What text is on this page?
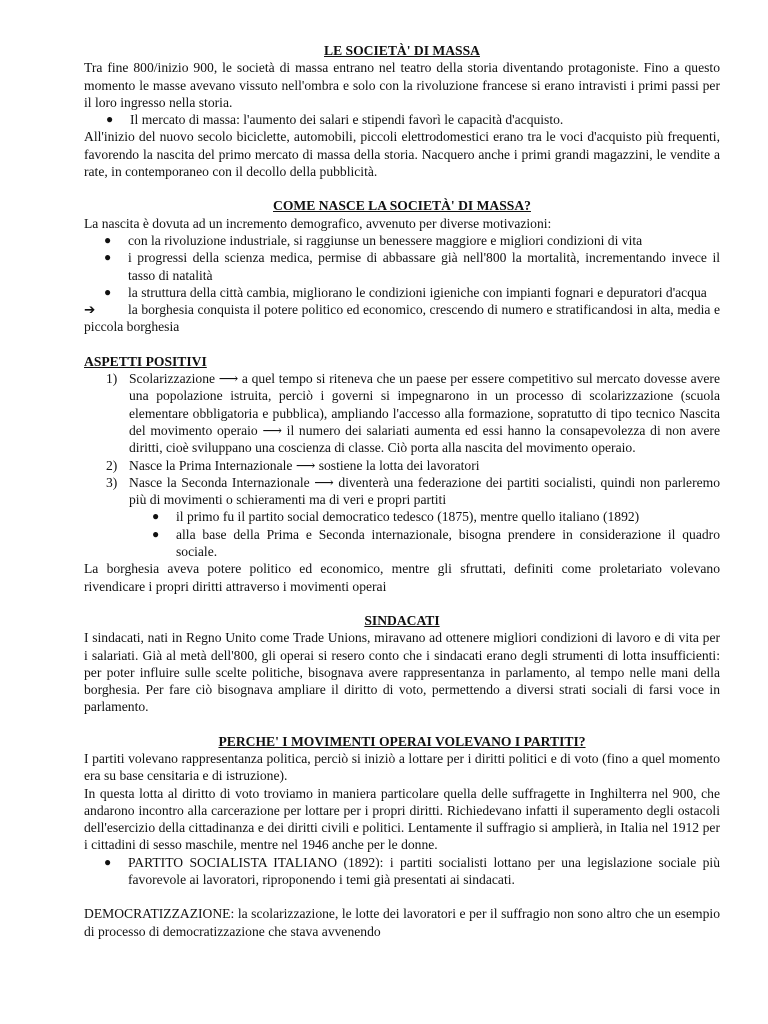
LE SOCIETÀ' DI MASSA

Tra fine 800/inizio 900, le società di massa entrano nel teatro della storia diventando protagoniste. Fino a questo momento le masse avevano vissuto nell'ombra e solo con la rivoluzione francese si erano intravisti i primi passi per il loro ingresso nella storia.

● Il mercato di massa: l'aumento dei salari e stipendi favorì le capacità d'acquisto.

All'inizio del nuovo secolo biciclette, automobili, piccoli elettrodomestici erano tra le voci d'acquisto più frequenti, favorendo la nascita del primo mercato di massa della storia. Nacquero anche i primi grandi magazzini, le vendite a rate, in contemporaneo con il decollo della pubblicità.

COME NASCE LA SOCIETÀ' DI MASSA?

La nascita è dovuta ad un incremento demografico, avvenuto per diverse motivazioni:

● con la rivoluzione industriale, si raggiunse un benessere maggiore e migliori condizioni di vita
● i progressi della scienza medica, permise di abbassare già nell'800 la mortalità, incrementando invece il tasso di natalità
● la struttura della città cambia, migliorano le condizioni igieniche con impianti fognari e depuratori d'acqua

➔ la borghesia conquista il potere politico ed economico, crescendo di numero e stratificandosi in alta, media e piccola borghesia

ASPETTI POSITIVI

1) Scolarizzazione ⟶ a quel tempo si riteneva che un paese per essere competitivo sul mercato dovesse avere una popolazione istruita, perciò i governi si impegnarono in un processo di scolarizzazione (scuola elementare obbligatoria e pubblica), ampliando l'accesso alla formazione, sopratutto di tipo tecnico Nascita del movimento operaio ⟶ il numero dei salariati aumenta ed essi hanno la consapevolezza di non avere diritti, cioè sviluppano una coscienza di classe. Ciò porta alla nascita del movimento operaio.
2) Nasce la Prima Internazionale ⟶ sostiene la lotta dei lavoratori
3) Nasce la Seconda Internazionale ⟶ diventerà una federazione dei partiti socialisti, quindi non parleremo più di movimenti o schieramenti ma di veri e propri partiti
● il primo fu il partito social democratico tedesco (1875), mentre quello italiano (1892)
● alla base della Prima e Seconda internazionale, bisogna prendere in considerazione il quadro sociale.

La borghesia aveva potere politico ed economico, mentre gli sfruttati, definiti come proletariato volevano rivendicare i propri diritti attraverso i movimenti operai

SINDACATI

I sindacati, nati in Regno Unito come Trade Unions, miravano ad ottenere migliori condizioni di lavoro e di vita per i salariati. Già al metà dell'800, gli operai si resero conto che i sindacati erano degli strumenti di lotta insufficienti: per poter influire sulle scelte politiche, bisognava avere rappresentanza in parlamento, al tempo nelle mani della borghesia. Per fare ciò bisognava ampliare il diritto di voto, permettendo a diversi strati sociali di farsi voce in parlamento.

PERCHE' I MOVIMENTI OPERAI VOLEVANO I PARTITI?

I partiti volevano rappresentanza politica, perciò si iniziò a lottare per i diritti politici e di voto (fino a quel momento era su base censitaria e di istruzione).

In questa lotta al diritto di voto troviamo in maniera particolare quella delle suffragette in Inghilterra nel 900, che andarono incontro alla carcerazione per lottare per i propri diritti. Richiedevano infatti il superamento degli ostacoli dell'esercizio della cittadinanza e dei diritti civili e politici. Lentamente il suffragio si amplierà, in Italia nel 1912 per i cittadini di sesso maschile, mentre nel 1946 anche per le donne.

● PARTITO SOCIALISTA ITALIANO (1892): i partiti socialisti lottano per una legislazione sociale più favorevole ai lavoratori, riproponendo i temi già presentati ai sindacati.

DEMOCRATIZZAZIONE: la scolarizzazione, le lotte dei lavoratori e per il suffragio non sono altro che un esempio di processo di democratizzazione che stava avvenendo
